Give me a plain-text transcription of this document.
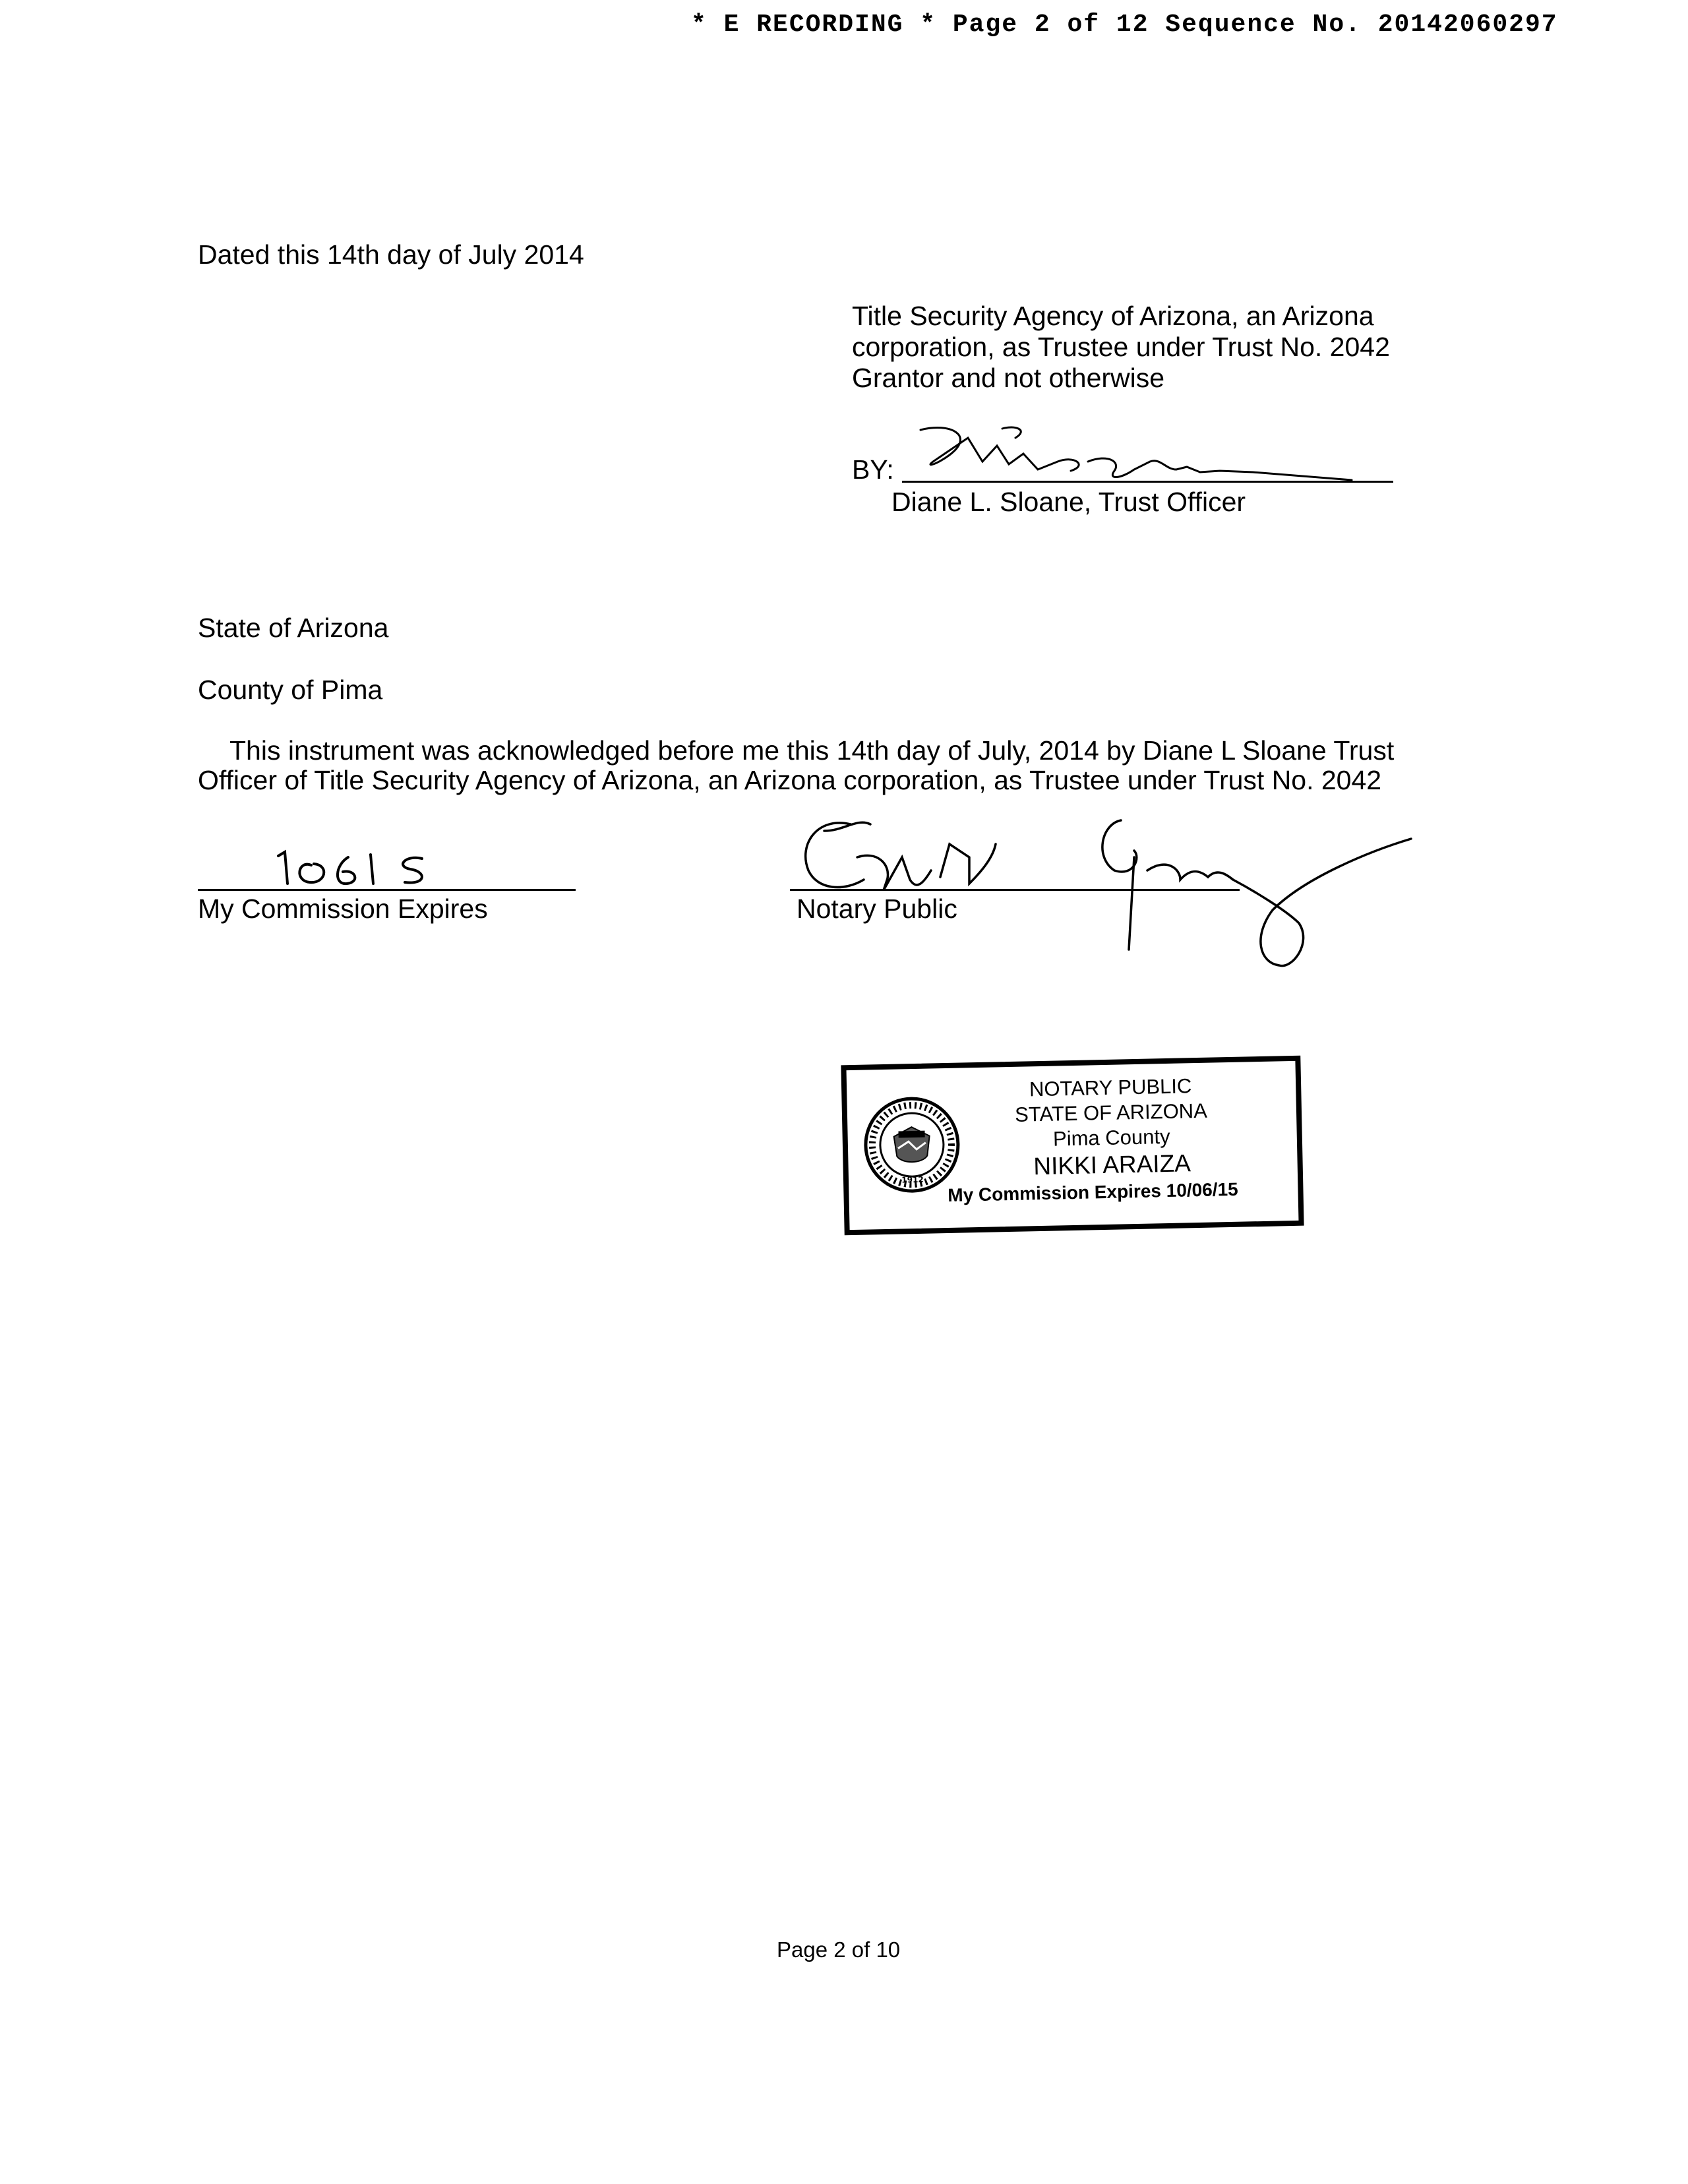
* E RECORDING * Page 2 of 12 Sequence No. 20142060297
Dated this 14th day of July 2014
Title Security Agency of Arizona, an Arizona
corporation, as Trustee under Trust No. 2042
Grantor and not otherwise
BY:
Diane L. Sloane, Trust Officer
State of Arizona
County of Pima
This instrument was acknowledged before me this 14th day of July, 2014 by Diane L Sloane Trust
Officer of Title Security Agency of Arizona, an Arizona corporation, as Trustee under Trust No. 2042
My Commission Expires	Notary Public
1912
NOTARY PUBLIC
STATE OF ARIZONA
Pima County
NIKKI ARAIZA
My Commission Expires 10/06/15
Page 2 of 10
